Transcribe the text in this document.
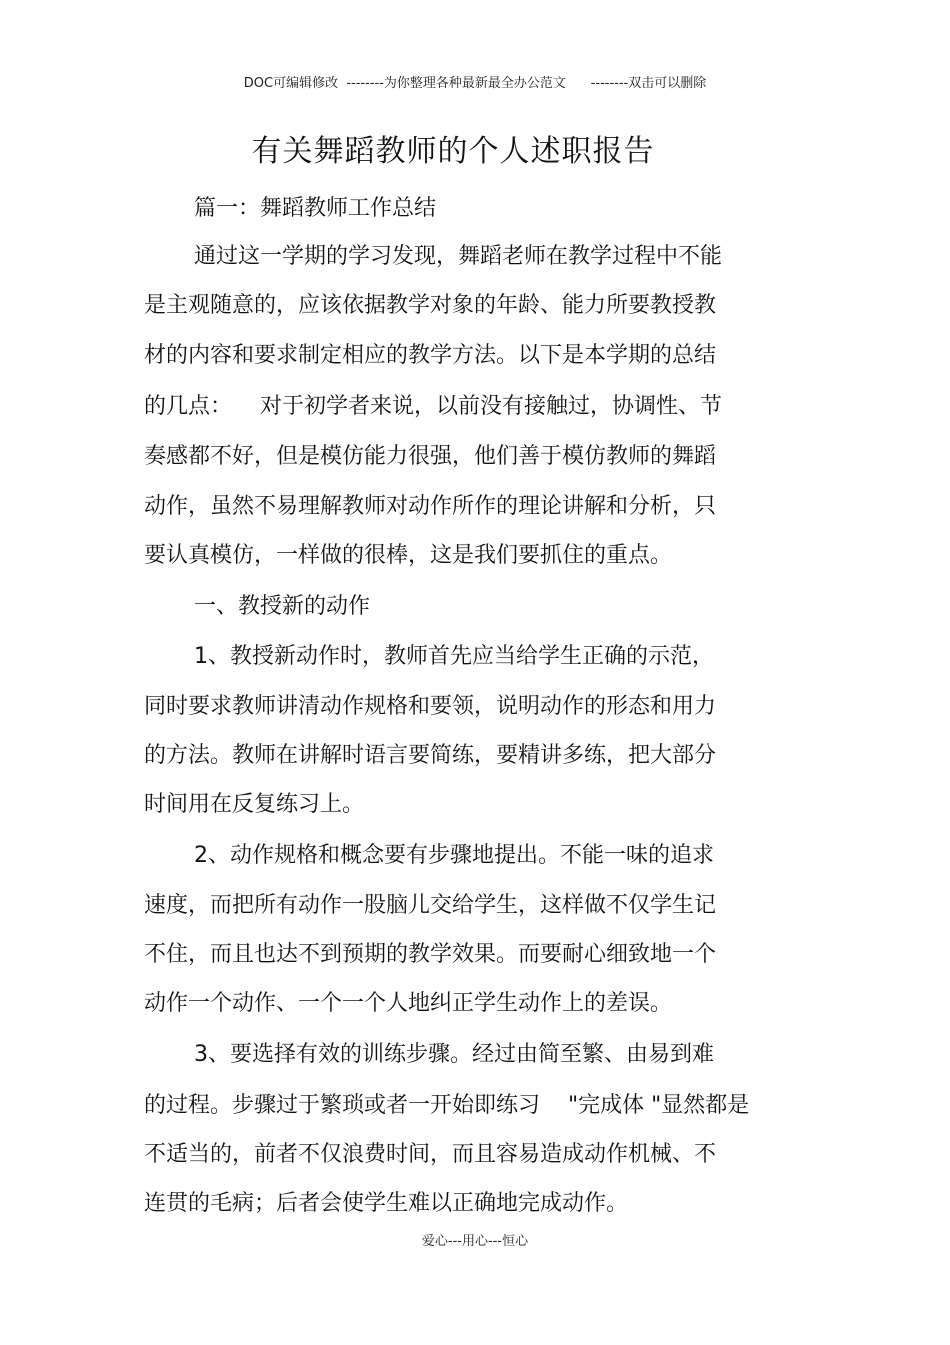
DOC可编辑修改  --------为你整理各种最新最全办公范文      --------双击可以删除
有关舞蹈教师的个人述职报告
篇一：舞蹈教师工作总结
通过这一学期的学习发现，舞蹈老师在教学过程中不能
是主观随意的，应该依据教学对象的年龄、能力所要教授教
材的内容和要求制定相应的教学方法。以下是本学期的总结
的几点：    对于初学者来说，以前没有接触过，协调性、节
奏感都不好，但是模仿能力很强，他们善于模仿教师的舞蹈
动作，虽然不易理解教师对动作所作的理论讲解和分析，只
要认真模仿，一样做的很棒，这是我们要抓住的重点。
一、教授新的动作
1、教授新动作时，教师首先应当给学生正确的示范，
同时要求教师讲清动作规格和要领，说明动作的形态和用力
的方法。教师在讲解时语言要简练，要精讲多练，把大部分
时间用在反复练习上。
2、动作规格和概念要有步骤地提出。不能一味的追求
速度，而把所有动作一股脑儿交给学生，这样做不仅学生记
不住，而且也达不到预期的教学效果。而要耐心细致地一个
动作一个动作、一个一个人地纠正学生动作上的差误。
3、要选择有效的训练步骤。经过由简至繁、由易到难
的过程。步骤过于繁琐或者一开始即练习    "完成体 "显然都是
不适当的，前者不仅浪费时间，而且容易造成动作机械、不
连贯的毛病；后者会使学生难以正确地完成动作。
爱心---用心---恒心
